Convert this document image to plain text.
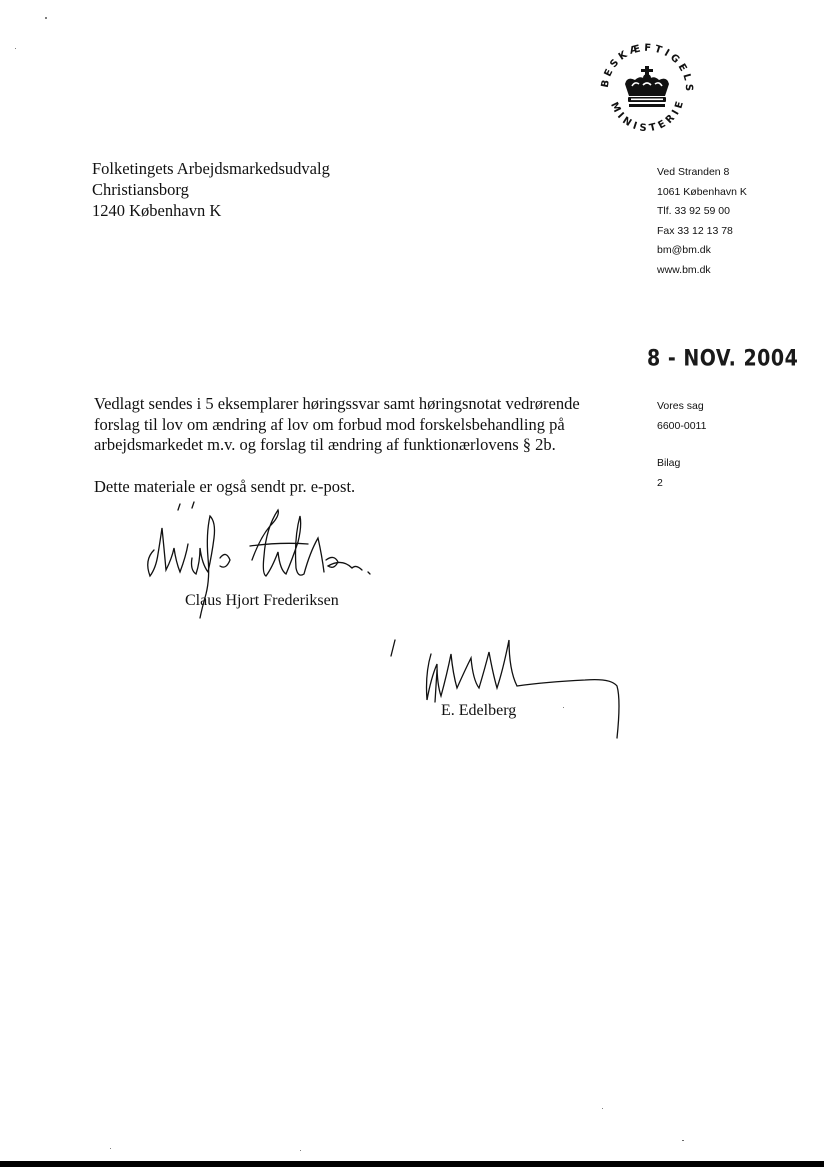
BESKÆFTIGELS
MINISTERIE
Folketingets Arbejdsmarkedsudvalg
Christiansborg
1240 København K
Ved Stranden 8
1061 København K
Tlf. 33 92 59 00
Fax 33 12 13 78
bm@bm.dk
www.bm.dk
8 - NOV. 2004

Vedlagt sendes i 5 eksemplarer høringssvar samt høringsnotat vedrørende forslag til lov om ændring af lov om forbud mod forskelsbehandling på arbejdsmarkedet m.v. og forslag til ændring af funktionærlovens § 2b.

Dette materiale er også sendt pr. e-post.

Vores sag
6600-0011
Bilag
2
Claus Hjort Frederiksen
E. Edelberg
